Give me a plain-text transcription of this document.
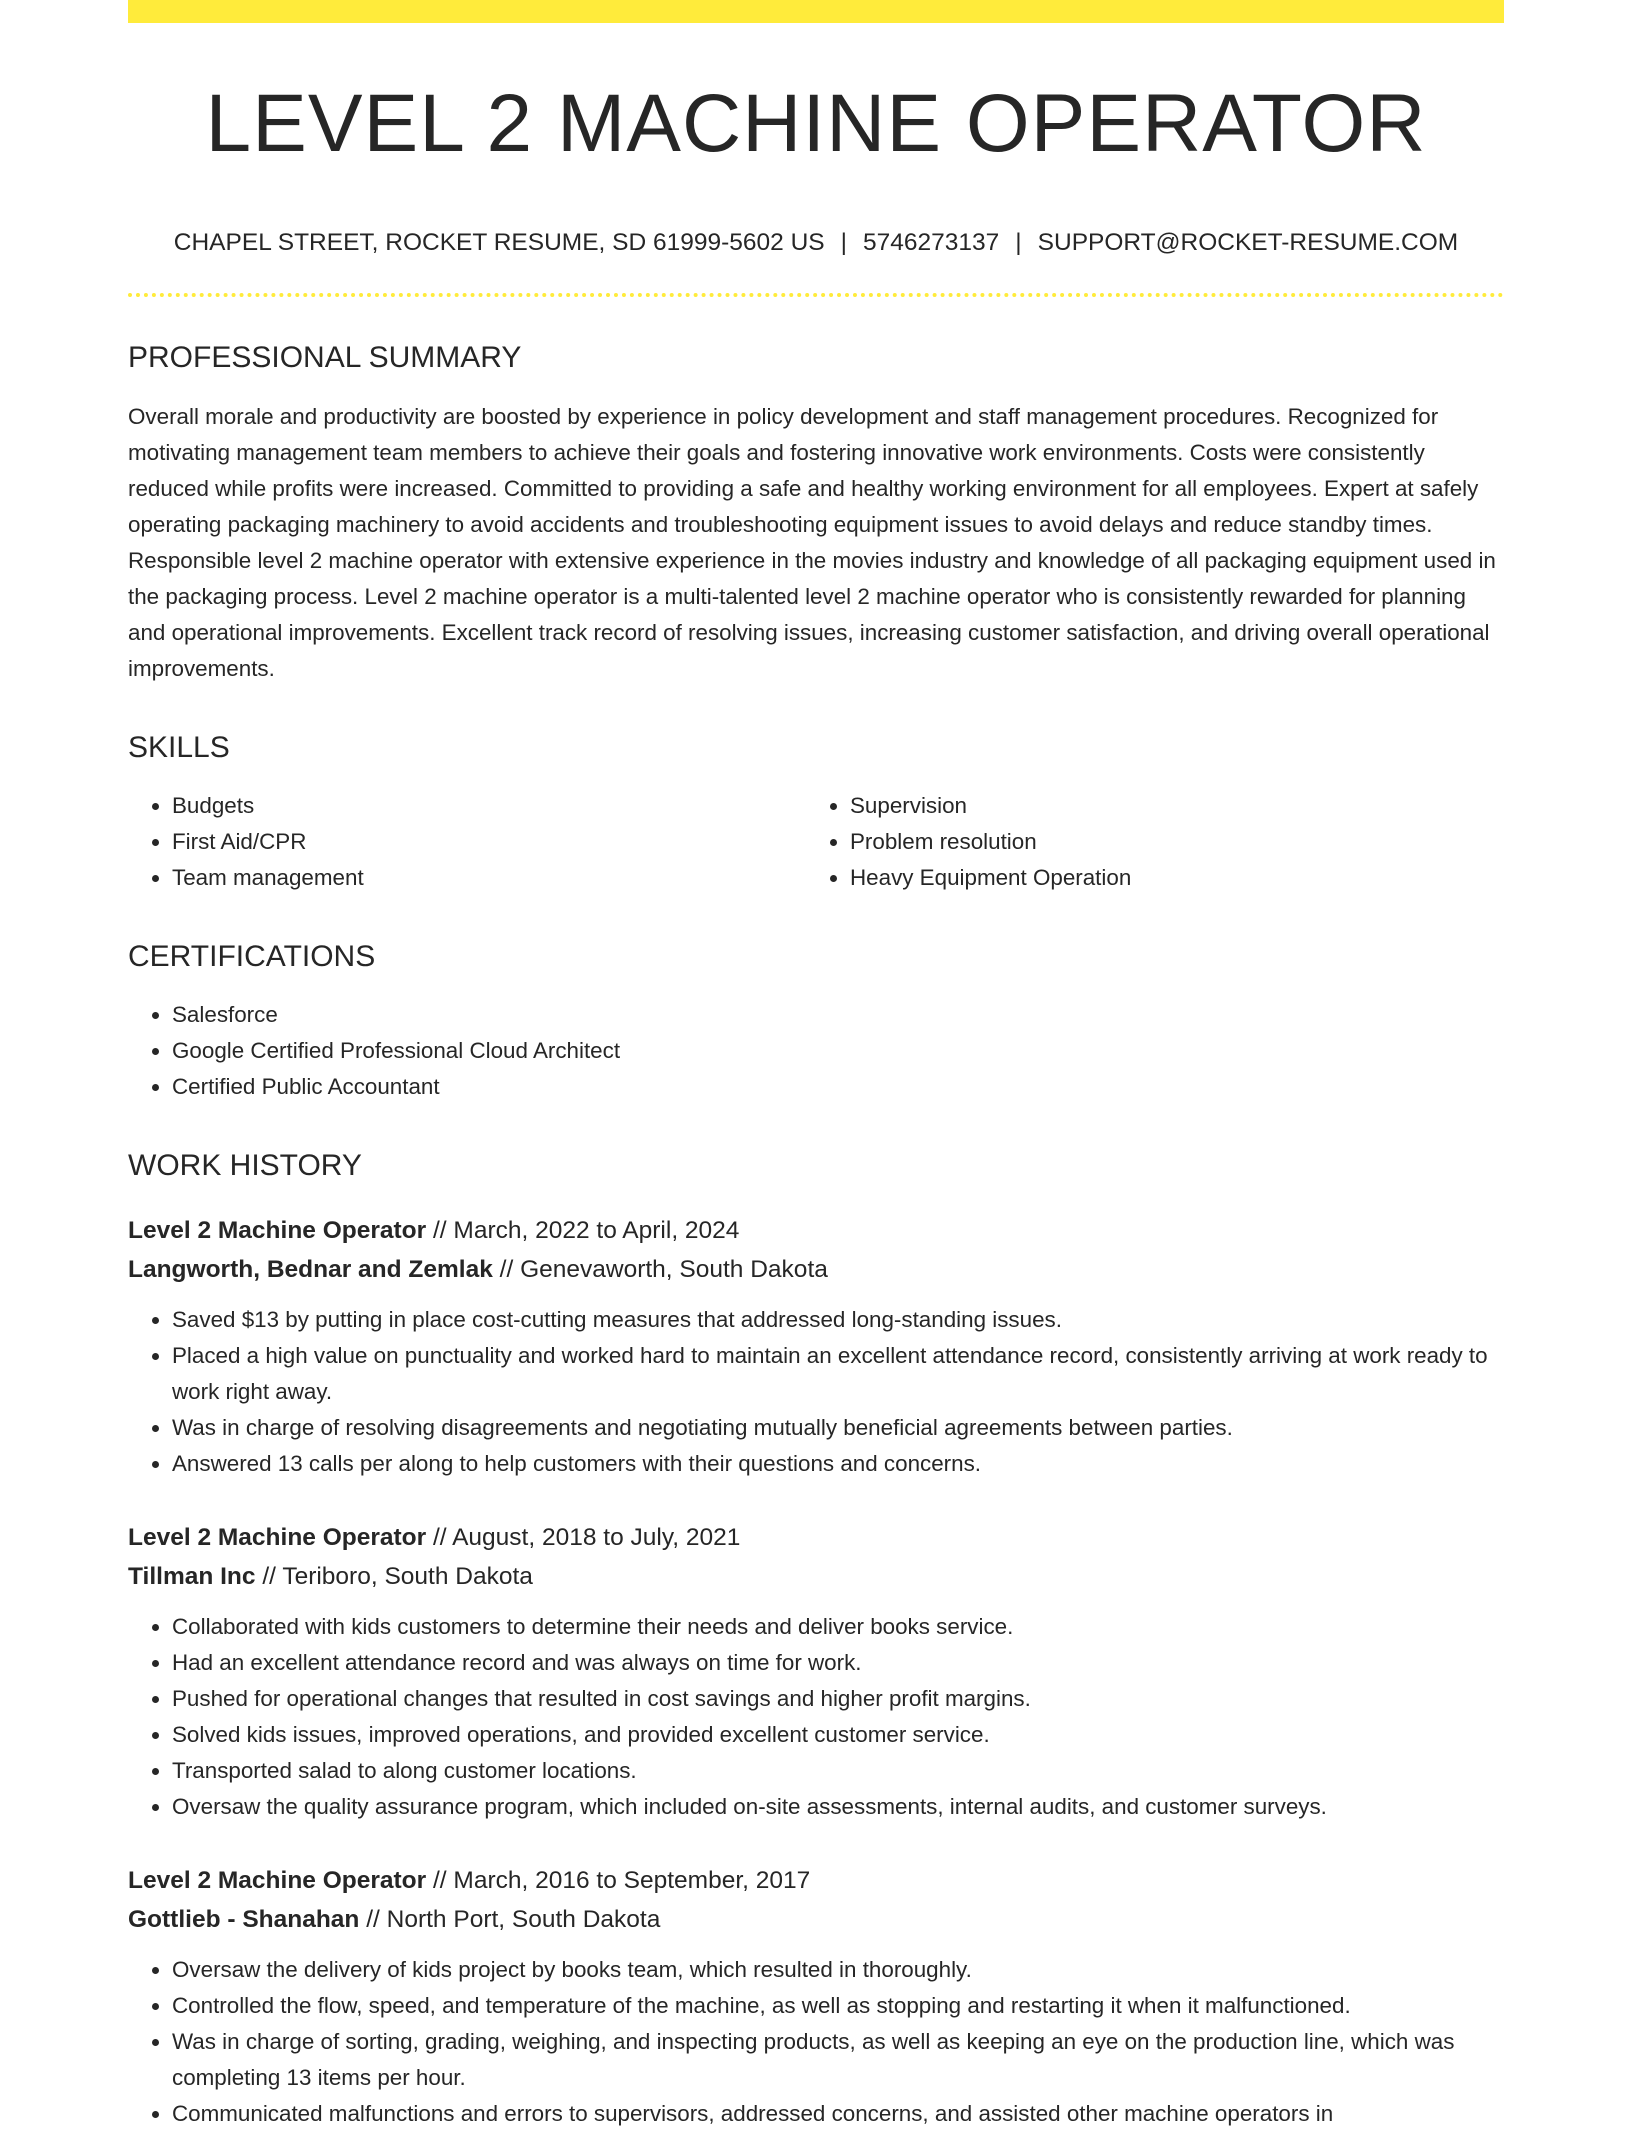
LEVEL 2 MACHINE OPERATOR
CHAPEL STREET, ROCKET RESUME, SD 61999-5602 US | 5746273137 | SUPPORT@ROCKET-RESUME.COM
PROFESSIONAL SUMMARY
Overall morale and productivity are boosted by experience in policy development and staff management procedures. Recognized for motivating management team members to achieve their goals and fostering innovative work environments. Costs were consistently reduced while profits were increased. Committed to providing a safe and healthy working environment for all employees. Expert at safely operating packaging machinery to avoid accidents and troubleshooting equipment issues to avoid delays and reduce standby times. Responsible level 2 machine operator with extensive experience in the movies industry and knowledge of all packaging equipment used in the packaging process. Level 2 machine operator is a multi-talented level 2 machine operator who is consistently rewarded for planning and operational improvements. Excellent track record of resolving issues, increasing customer satisfaction, and driving overall operational improvements.
SKILLS
• Budgets
• First Aid/CPR
• Team management
• Supervision
• Problem resolution
• Heavy Equipment Operation
CERTIFICATIONS
• Salesforce
• Google Certified Professional Cloud Architect
• Certified Public Accountant
WORK HISTORY
Level 2 Machine Operator // March, 2022 to April, 2024
Langworth, Bednar and Zemlak // Genevaworth, South Dakota
• Saved $13 by putting in place cost-cutting measures that addressed long-standing issues.
• Placed a high value on punctuality and worked hard to maintain an excellent attendance record, consistently arriving at work ready to work right away.
• Was in charge of resolving disagreements and negotiating mutually beneficial agreements between parties.
• Answered 13 calls per along to help customers with their questions and concerns.
Level 2 Machine Operator // August, 2018 to July, 2021
Tillman Inc // Teriboro, South Dakota
• Collaborated with kids customers to determine their needs and deliver books service.
• Had an excellent attendance record and was always on time for work.
• Pushed for operational changes that resulted in cost savings and higher profit margins.
• Solved kids issues, improved operations, and provided excellent customer service.
• Transported salad to along customer locations.
• Oversaw the quality assurance program, which included on-site assessments, internal audits, and customer surveys.
Level 2 Machine Operator // March, 2016 to September, 2017
Gottlieb - Shanahan // North Port, South Dakota
• Oversaw the delivery of kids project by books team, which resulted in thoroughly.
• Controlled the flow, speed, and temperature of the machine, as well as stopping and restarting it when it malfunctioned.
• Was in charge of sorting, grading, weighing, and inspecting products, as well as keeping an eye on the production line, which was completing 13 items per hour.
• Communicated malfunctions and errors to supervisors, addressed concerns, and assisted other machine operators in
